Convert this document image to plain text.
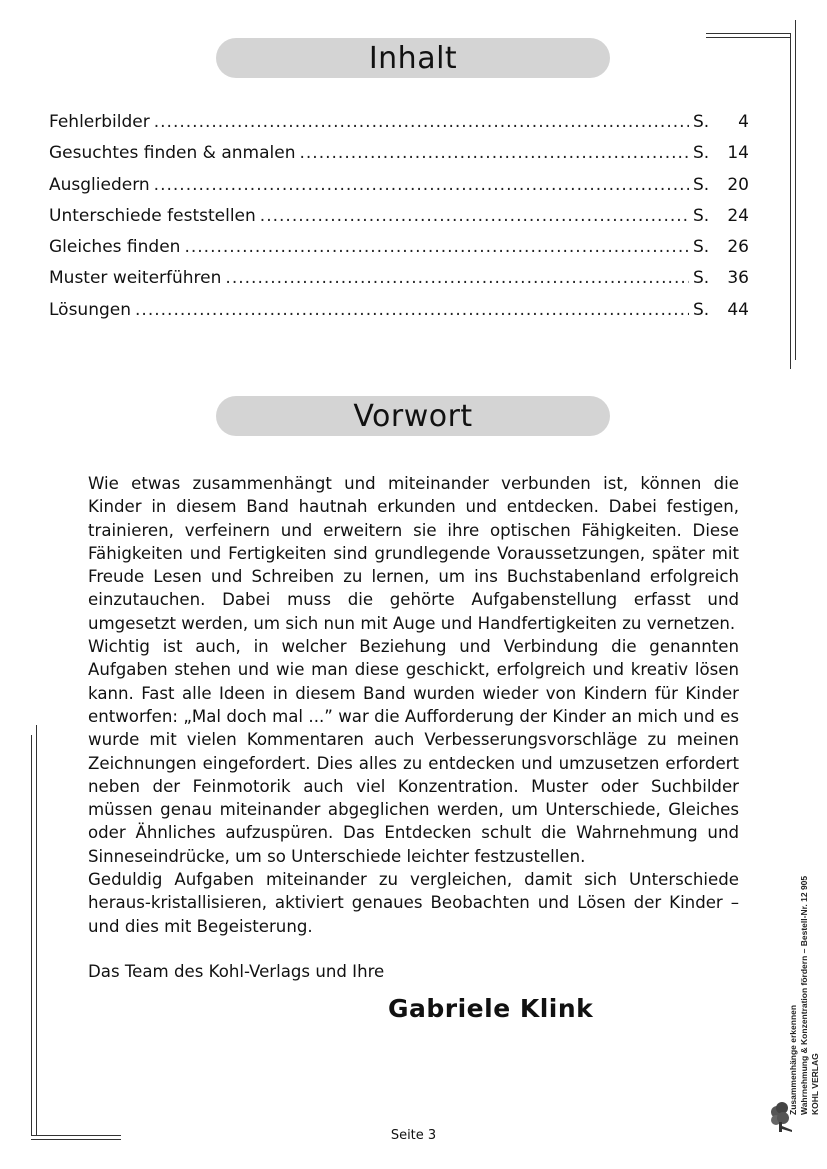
Inhalt
Fehlerbilder . . .	S.	4
Gesuchtes finden & anmalen . . .	S. 14
Ausgliedern . . .	S. 20
Unterschiede feststellen . . .	S. 24
Gleiches finden . . .	S. 26
Muster weiterführen . . .	S. 36
Lösungen . . .	S. 44
Vorwort

Wie etwas zusammenhängt und miteinander verbunden ist, können die Kinder in diesem Band hautnah erkunden und entdecken. Dabei festigen, trainieren, verfeinern und erweitern sie ihre optischen Fähigkeiten. Diese Fähigkeiten und Fertigkeiten sind grundlegende Voraussetzungen, später mit Freude Lesen und Schreiben zu lernen, um ins Buchstabenland erfolgreich einzutauchen. Dabei muss die gehörte Aufgabenstellung erfasst und umgesetzt werden, um sich nun mit Auge und Handfertigkeiten zu vernetzen.

Wichtig ist auch, in welcher Beziehung und Verbindung die genannten Aufgaben stehen und wie man diese geschickt, erfolgreich und kreativ lösen kann. Fast alle Ideen in diesem Band wurden wieder von Kindern für Kinder entworfen: „Mal doch mal ...” war die Aufforderung der Kinder an mich und es wurde mit vielen Kommentaren auch Verbesserungsvorschläge zu meinen Zeichnungen eingefordert. Dies alles zu entdecken und umzusetzen erfordert neben der Feinmotorik auch viel Konzentration. Muster oder Suchbilder müssen genau miteinander abgeglichen werden, um Unterschiede, Gleiches oder Ähnliches aufzuspüren. Das Entdecken schult die Wahrnehmung und Sinneseindrücke, um so Unterschiede leichter festzustellen.

Geduldig Aufgaben miteinander zu vergleichen, damit sich Unterschiede heraus-kristallisieren, aktiviert genaues Beobachten und Lösen der Kinder – und dies mit Begeisterung.

Das Team des Kohl-Verlags und Ihre
Gabriele Klink	Zusammenhänge erkennen Wahrnehmung & Konzentration fördern – Bestell-Nr. 12 905 KOHL VERLAG
Seite 3
